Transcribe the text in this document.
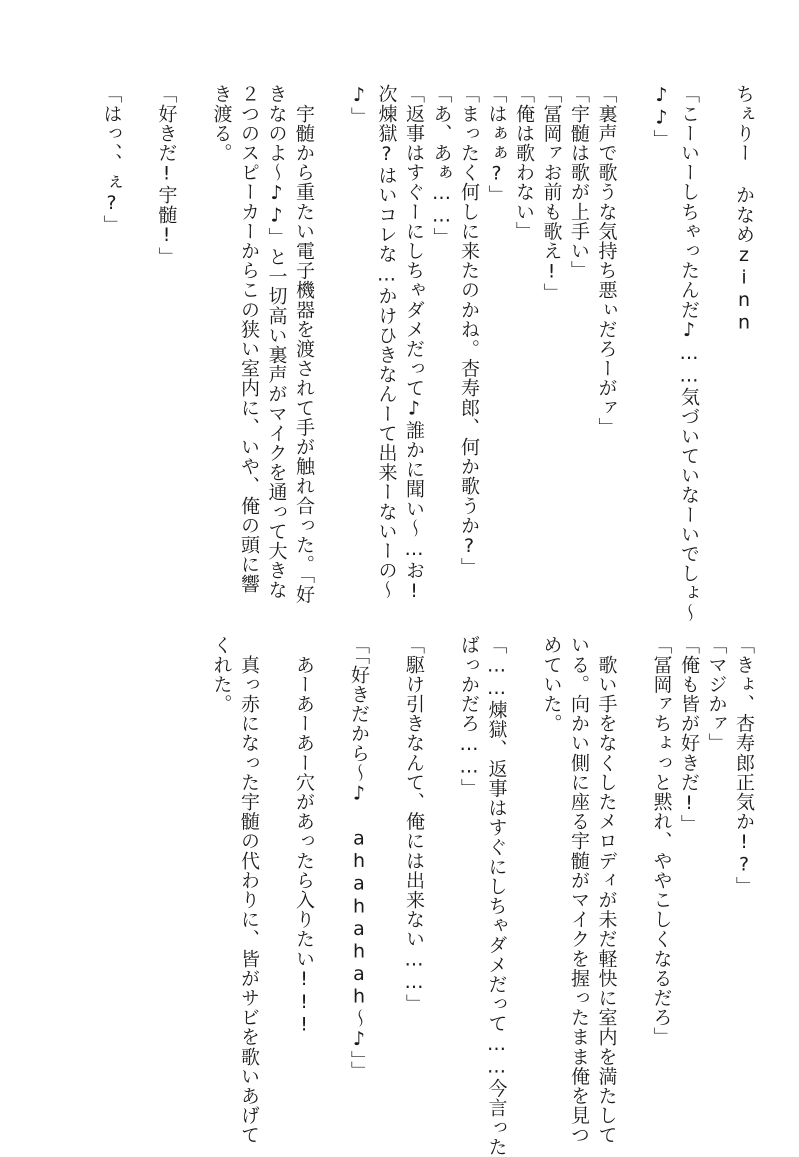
ちぇりー かなめzinn

「こーいーしちゃったんだ♪……気づいていなーいでしょ～
♪♪」

「裏声で歌うな気持ち悪ぃだろーがァ」
「宇髄は歌が上手い」
「冨岡ァお前も歌え!」
「俺は歌わない」
「はぁぁ?」
「まったく何しに来たのかね。杏寿郎、何か歌うか?」
「あ、あぁ……」
「返事はすぐーにしちゃダメだって♪誰かに聞い～…お!
次煉獄?はいコレな…かけひきなんーて出来ーないーの～
♪」

　宇髄から重たい電子機器を渡されて手が触れ合った。「好
きなのよ～♪♪」と一切高い裏声がマイクを通って大きな
２つのスピーカーからこの狭い室内に、いや、俺の頭に響
き渡る。

「好きだ!宇髄!」

「はっ、、ぇ?」
「きょ、杏寿郎正気か!?」
「マジかァ」
「俺も皆が好きだ!」
「冨岡ァちょっと黙れ、ややこしくなるだろ」

　歌い手をなくしたメロディが未だ軽快に室内を満たして
いる。向かい側に座る宇髄がマイクを握ったまま俺を見つ
めていた。

「……煉獄、返事はすぐにしちゃダメだって……今言った
ばっかだろ……」

「駆け引きなんて、俺には出来ない……」

「「好きだから～♪ ahahahah～♪」」

　あーあーあー穴があったら入りたい!!!

　真っ赤になった宇髄の代わりに、皆がサビを歌いあげて
くれた。
